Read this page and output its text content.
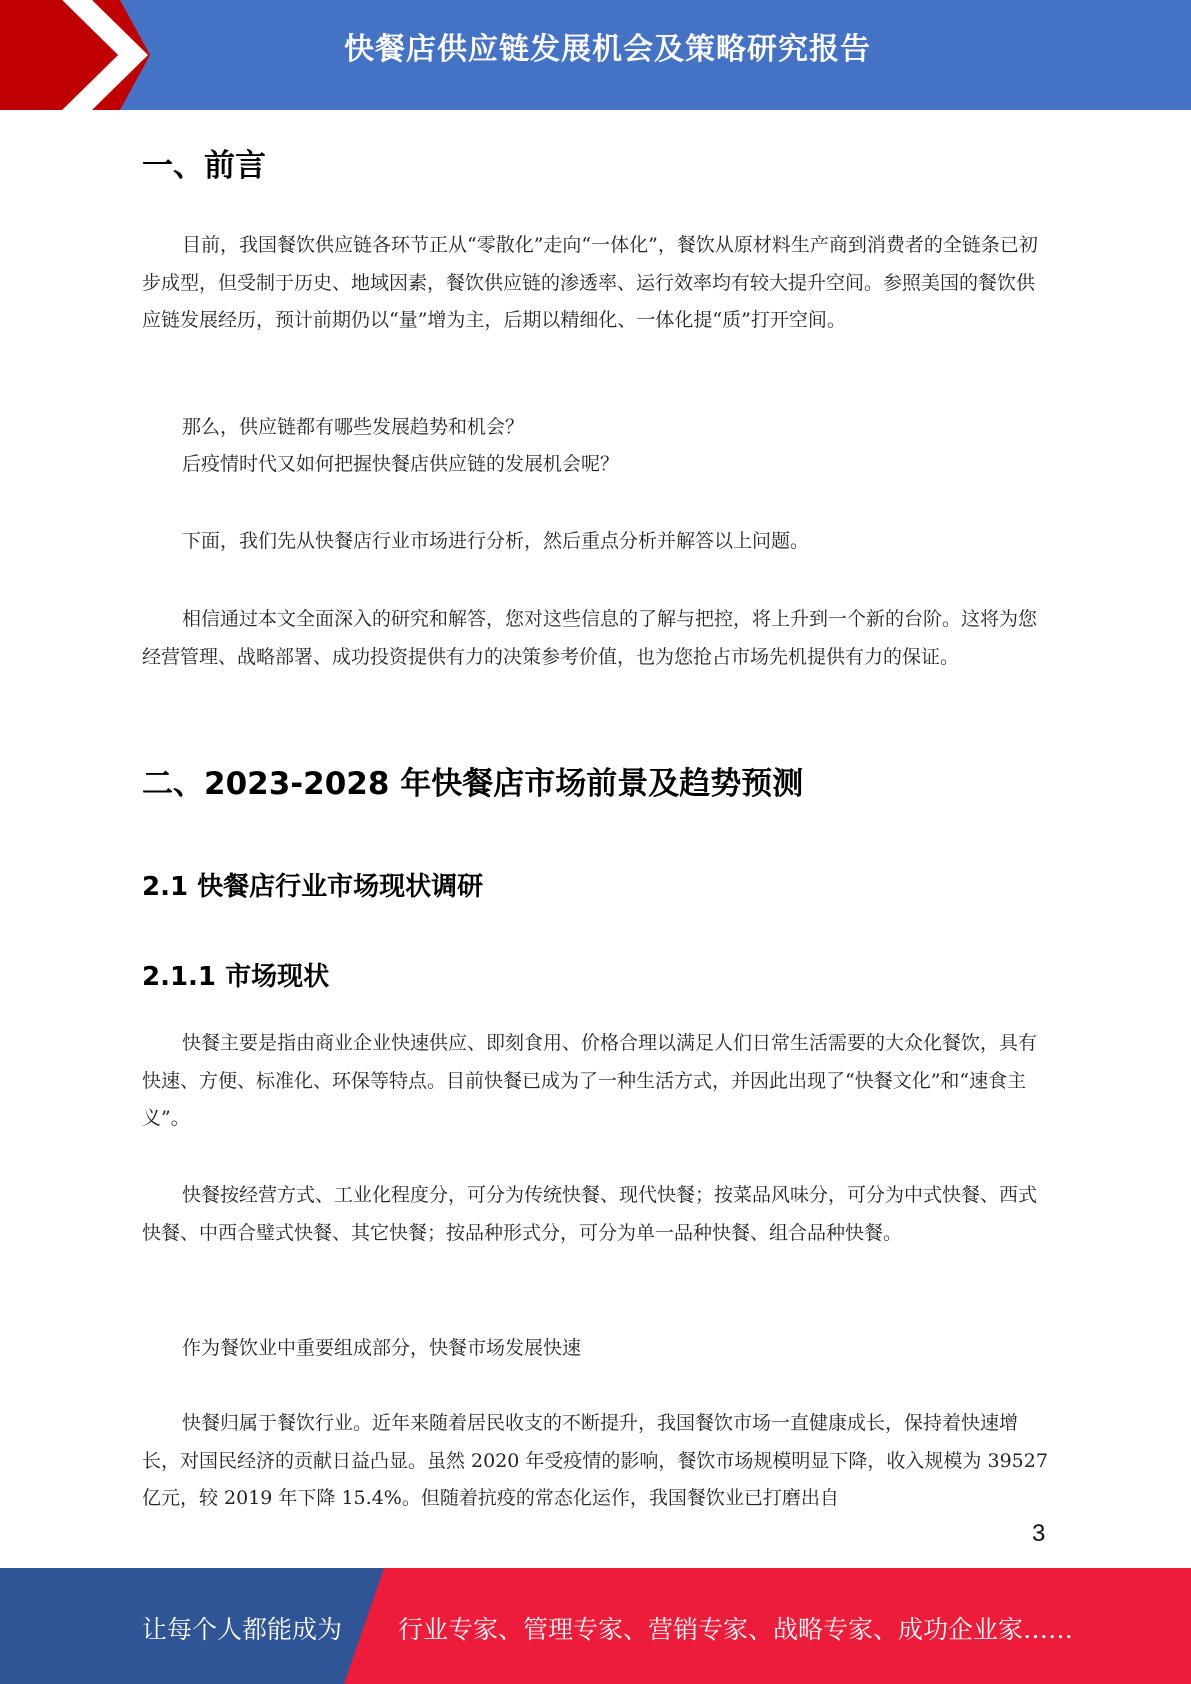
快餐店供应链发展机会及策略研究报告
一、前言

目前，我国餐饮供应链各环节正从“零散化”走向“一体化”，餐饮从原材料生产商到消费者的全链条已初步成型，但受制于历史、地域因素，餐饮供应链的渗透率、运行效率均有较大提升空间。参照美国的餐饮供应链发展经历，预计前期仍以“量”增为主，后期以精细化、一体化提“质”打开空间。

那么，供应链都有哪些发展趋势和机会？

后疫情时代又如何把握快餐店供应链的发展机会呢？

下面，我们先从快餐店行业市场进行分析，然后重点分析并解答以上问题。

相信通过本文全面深入的研究和解答，您对这些信息的了解与把控，将上升到一个新的台阶。这将为您经营管理、战略部署、成功投资提供有力的决策参考价值，也为您抢占市场先机提供有力的保证。

二、2023-2028 年快餐店市场前景及趋势预测
2.1 快餐店行业市场现状调研
2.1.1 市场现状

快餐主要是指由商业企业快速供应、即刻食用、价格合理以满足人们日常生活需要的大众化餐饮，具有快速、方便、标准化、环保等特点。目前快餐已成为了一种生活方式，并因此出现了“快餐文化”和“速食主义”。

快餐按经营方式、工业化程度分，可分为传统快餐、现代快餐；按菜品风味分，可分为中式快餐、西式快餐、中西合璧式快餐、其它快餐；按品种形式分，可分为单一品种快餐、组合品种快餐。

作为餐饮业中重要组成部分，快餐市场发展快速

快餐归属于餐饮行业。近年来随着居民收支的不断提升，我国餐饮市场一直健康成长，保持着快速增长，对国民经济的贡献日益凸显。虽然 2020 年受疫情的影响，餐饮市场规模明显下降，收入规模为 39527 亿元，较 2019 年下降 15.4%。但随着抗疫的常态化运作，我国餐饮业已打磨出自

3
让每个人都能成为 行业专家、管理专家、营销专家、战略专家、成功企业家……
